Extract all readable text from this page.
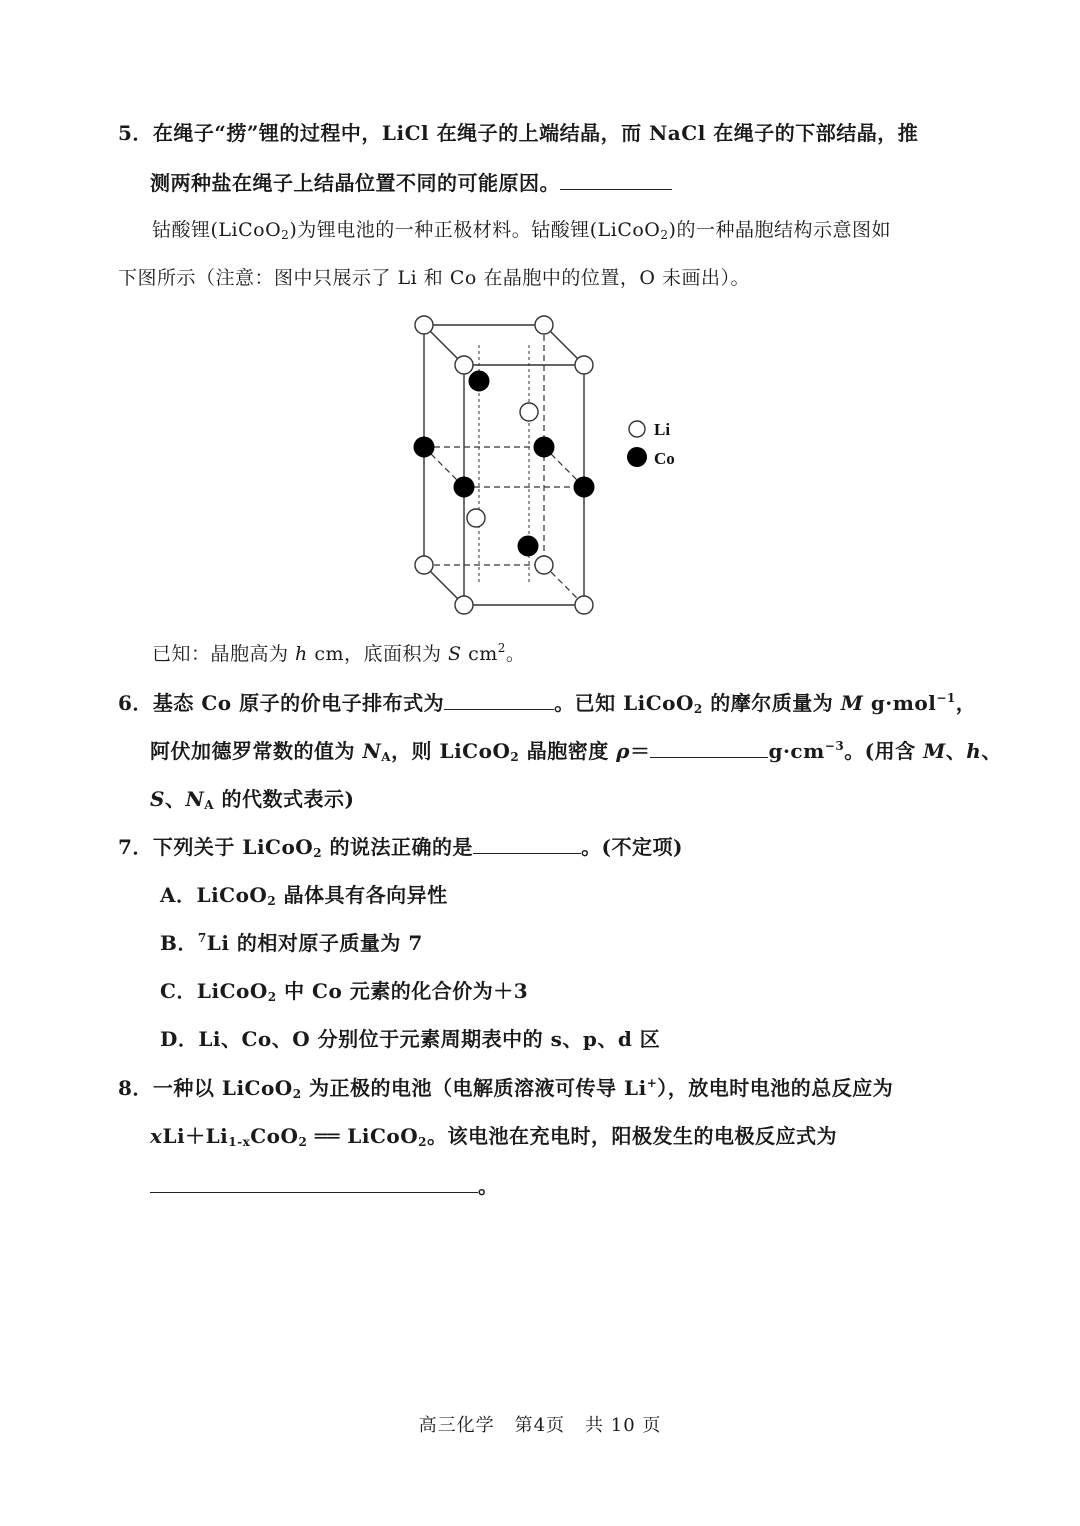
5．在绳子“捞”锂的过程中，LiCl 在绳子的上端结晶，而 NaCl 在绳子的下部结晶，推
测两种盐在绳子上结晶位置不同的可能原因。
钴酸锂(LiCoO$_2$)为锂电池的一种正极材料。钴酸锂(LiCoO$_2$)的一种晶胞结构示意图如
下图所示（注意：图中只展示了 Li 和 Co 在晶胞中的位置，O 未画出）。
Li
Co
已知：晶胞高为 h cm，底面积为 S $cm^2$。
6．基态 Co 原子的价电子排布式为	。已知 LiCoO$_2$ 的摩尔质量为 M g·mol$^{-1}$，
阿伏加德罗常数的值为 $N_A$，则 LiCoO$_2$ 晶胞密度 ρ＝	$g\cdot cm^{-3}$。(用含 M、h、
S、$N_A$ 的代数式表示)
7．下列关于 LiCoO$_2$ 的说法正确的是	。(不定项)
A．LiCoO$_2$ 晶体具有各向异性
B．$^7$Li 的相对原子质量为 7
C．LiCoO$_2$ 中 Co 元素的化合价为＋3
D．Li、Co、O 分别位于元素周期表中的 s、p、d 区
8．一种以 LiCoO$_2$ 为正极的电池（电解质溶液可传导 Li+），放电时电池的总反应为
$xLi+Li_{1-x}CoO_2$ ══ LiCoO$_2$。该电池在充电时，阳极发生的电极反应式为
。
高三化学 第4页 共 10 页
